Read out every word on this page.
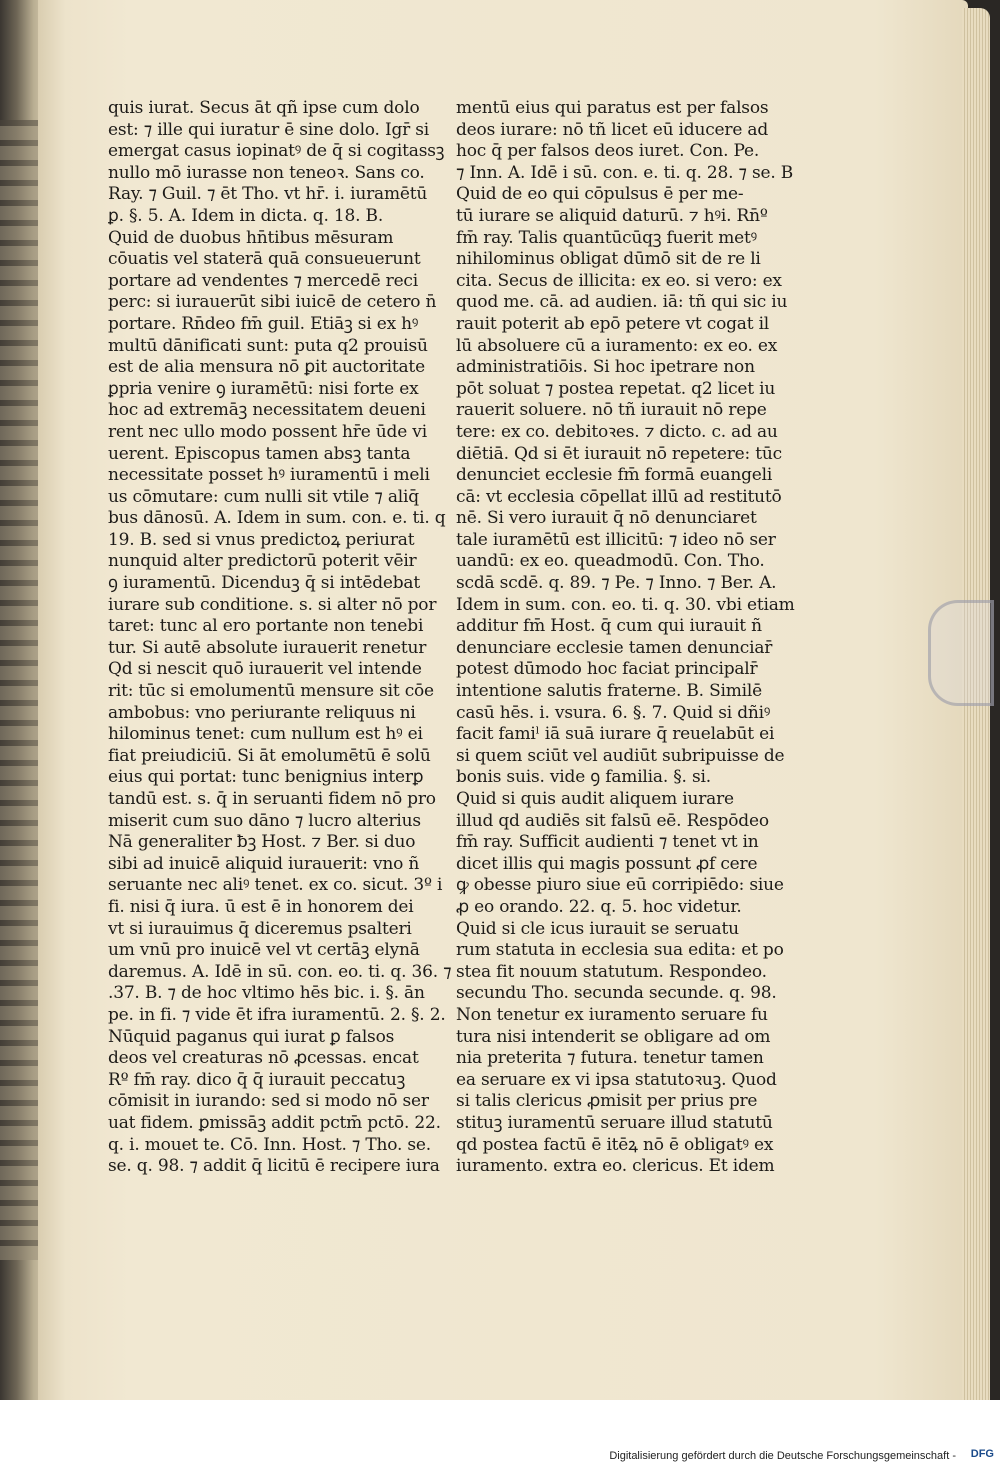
quis iurat. Secus āt qñ ipse cum dolo
est: ⁊ ille qui iuratur ē sine dolo. Igr̄ si
emergat casus iopinatꝰ de q̄ si cogitassꝫ
nullo mō iurasse non teneoꝛ. Sans co.
Ray. ⁊ Guil. ⁊ ēt Tho. vt hr̄. i. iuramētū
ꝑ. §. 5. A. Idem in dicta. q. 18. B.
Quid de duobus hn̄tibus mēsuram
cōuatis vel staterā quā consueuerunt
portare ad vendentes ⁊ mercedē reci
perc: si iurauerūt sibi iuicē de cetero n̄
portare. Rn̄deo fm̄ guil. Etiāꝫ si ex hꝰ
multū dānificati sunt: puta q2 prouisū
est de alia mensura nō ꝑit auctoritate
ꝑpria venire ꝯ iuramētū: nisi forte ex
hoc ad extremāꝫ necessitatem deueni
rent nec ullo modo possent hr̄e ūde vi
uerent. Episcopus tamen absꝫ tanta
necessitate posset hꝰ iuramentū i meli
us cōmutare: cum nulli sit vtile ⁊ aliq̄
bus dānosū. A. Idem in sum. con. e. ti. q
19. B. sed si vnus predictoꝝ periurat
nunquid alter predictorū poterit vēir
ꝯ iuramentū. Dicenduꝫ q̄ si intēdebat
iurare sub conditione. s. si alter nō por
taret: tunc al ero portante non tenebi
tur. Si autē absolute iurauerit renetur
Qd̄ si nescit quō iurauerit vel intende
rit: tūc si emolumentū mensure sit cōe
ambobus: vno periurante reliquus ni
hilominus tenet: cum nullum est hꝰ ei
fiat preiudiciū. Si āt emolumētū ē solū
eius qui portat: tunc benignius interꝑ
tandū est. s. q̄ in seruanti fidem nō pro
miserit cum suo dāno ⁊ lucro alterius
Nā generaliter ƀꝫ Host. ⁊ Ber. si duo
sibi ad inuicē aliquid iurauerit: vno ñ
seruante nec aliꝰ tenet. ex co. sicut. 3º i
fi. nisi q̄ iura. ū est ē in honorem dei
vt si iurauimus q̄ diceremus psalteri
um vnū pro inuicē vel vt certāꝫ elynā
daremus. A. Idē in sū. con. eo. ti. q. 36. ⁊
.37. B. ⁊ de hoc vltimo hēs bic. i. §. ān
pe. in fi. ⁊ vide ēt ifra iuramentū. 2. §. 2.
Nūquid paganus qui iurat ꝑ falsos
deos vel creaturas nō ꝓcessas. encat
Rº fm̄ ray. dico q̄ q̄ iurauit peccatuꝫ
cōmisit in iurando: sed si modo nō ser
uat fidem. ꝑmissāꝫ addit pctm̄ pctō. 22.
q. i. mouet te. Cō. Inn. Host. ⁊ Tho. se.
se. q. 98. ⁊ addit q̄ licitū ē recipere iura
mentū eius qui paratus est per falsos
deos iurare: nō tñ licet eū iducere ad
hoc q̄ per falsos deos iuret. Con. Pe.
⁊ Inn. A. Idē i sū. con. e. ti. q. 28. ⁊ se. B
Quid de eo qui cōpulsus ē per me-
tū iurare se aliquid daturū. ⁊ hꝰi. Rn̄º
fm̄ ray. Talis quantūcūqꝫ fuerit metꝰ
nihilominus obligat dūmō sit de re li
cita. Secus de illicita: ex eo. si vero: ex
quod me. cā. ad audien. iā: tñ qui sic iu
rauit poterit ab epō petere vt cogat il
lū absoluere cū a iuramento: ex eo. ex
administratiōis. Si hoc ipetrare non
pōt soluat ⁊ postea repetat. q2 licet iu
rauerit soluere. nō tñ iurauit nō repe
tere: ex co. debitoꝛes. ⁊ dicto. c. ad au
diētiā. Qd̄ si ēt iurauit nō repetere: tūc
denunciet ecclesie fm̄ formā euangeli
cā: vt ecclesia cōpellat illū ad restitutō
nē. Si vero iurauit q̄ nō denunciaret
tale iuramētū est illicitū: ⁊ ideo nō ser
uandū: ex eo. queadmodū. Con. Tho.
scdā scdē. q. 89. ⁊ Pe. ⁊ Inno. ⁊ Ber. A.
Idem in sum. con. eo. ti. q. 30. vbi etiam
additur fm̄ Host. q̄ cum qui iurauit ñ
denunciare ecclesie tamen denunciar̄
potest dūmodo hoc faciat principalr̄
intentione salutis fraterne. B. Similē
casū hēs. i. vsura. 6. §. 7. Quid si dñiꝰ
facit famiˡ iā suā iurare q̄ reuelabūt ei
si quem sciūt vel audiūt subripuisse de
bonis suis. vide ꝯ familia. §. si.
Quid si quis audit aliquem iurare
illud qd̄ audiēs sit falsū eē. Respōdeo
fm̄ ray. Sufficit audienti ⁊ tenet vt in
dicet illis qui magis possunt ꝓf cere
ꝙ obesse piuro siue eū corripiēdo: siue
ꝓ eo orando. 22. q. 5. hoc videtur.
Quid si cle icus iurauit se seruatu
rum statuta in ecclesia sua edita: et po
stea fit nouum statutum. Respondeo.
secundu Tho. secunda secunde. q. 98.
Non tenetur ex iuramento seruare fu
tura nisi intenderit se obligare ad om
nia preterita ⁊ futura. tenetur tamen
ea seruare ex vi ipsa statutoꝛuꝫ. Quod
si talis clericus ꝓmisit per prius pre
stituꝫ iuramentū seruare illud statutū
qd̄ postea factū ē itēꝝ nō ē obligatꝰ ex
iuramento. extra eo. clericus. Et idem
Digitalisierung gefördert durch die Deutsche Forschungsgemeinschaft - DFG
